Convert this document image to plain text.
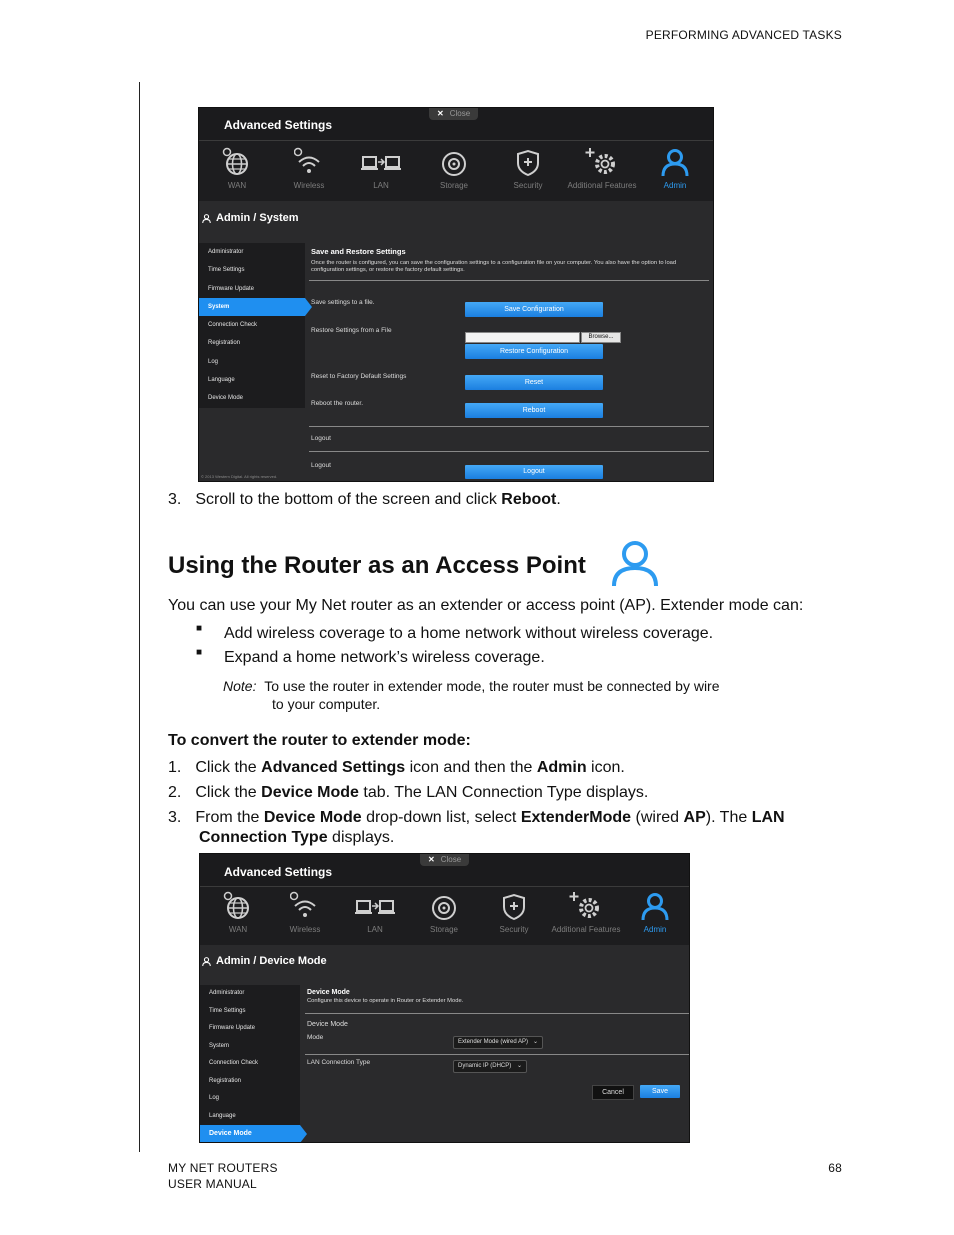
PERFORMING ADVANCED TASKS
Advanced Settings
✕ Close
WAN	Wireless	LAN	Storage	Security	Additional Features	Admin
Admin / System
Administrator
Time Settings
Firmware Update
System
Connection Check
Registration
Log
Language
Device Mode
Save and Restore Settings
Once the router is configured, you can save the configuration settings to a configuration file on your computer. You also have the option to load configuration settings, or restore the factory default settings.
Save settings to a file.
Save Configuration
Restore Settings from a File
Browse...
Restore Configuration
Reset to Factory Default Settings
Reset
Reboot the router.
Reboot
Logout
Logout
Logout
© 2013 Western Digital. All rights reserved.
3. Scroll to the bottom of the screen and click Reboot.
Using the Router as an Access Point
You can use your My Net router as an extender or access point (AP). Extender mode can:
■ Add wireless coverage to a home network without wireless coverage.
■ Expand a home network’s wireless coverage.
Note: To use the router in extender mode, the router must be connected by wire
to your computer.
To convert the router to extender mode:
1. Click the Advanced Settings icon and then the Admin icon.
2. Click the Device Mode tab. The LAN Connection Type displays.
3. From the Device Mode drop-down list, select ExtenderMode (wired AP). The LAN
Connection Type displays.
Advanced Settings
✕ Close
WAN	Wireless	LAN	Storage	Security	Additional Features	Admin
Admin / Device Mode
Administrator
Time Settings
Firmware Update
System
Connection Check
Registration
Log
Language
Device Mode
Device Mode
Configure this device to operate in Router or Extender Mode.
Device Mode
Mode
Extender Mode (wired AP) ⌄
LAN Connection Type	Dynamic IP (DHCP) ⌄
Cancel	Save
MY NET ROUTERS
USER MANUAL
68
